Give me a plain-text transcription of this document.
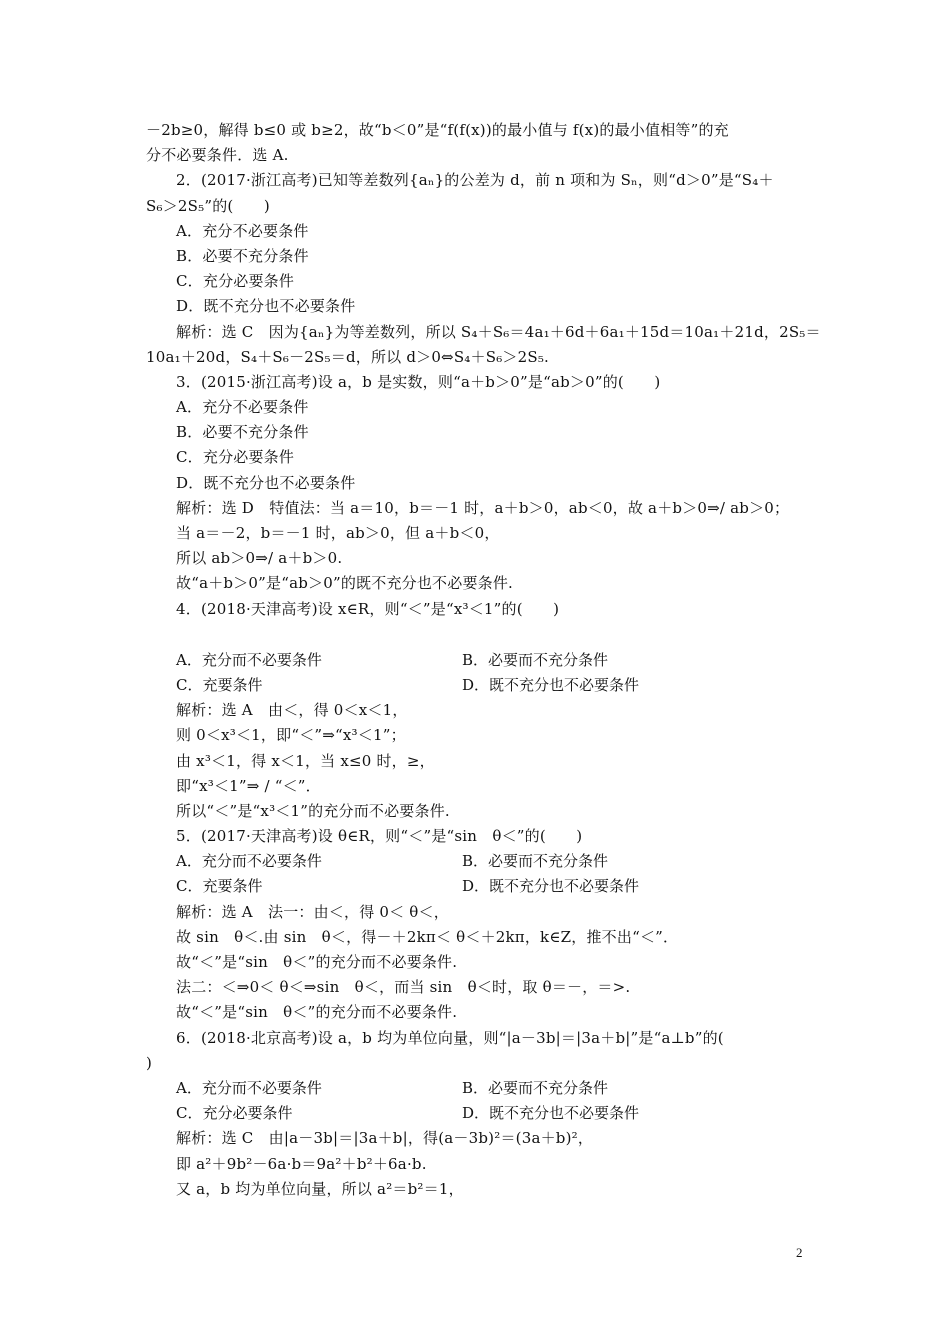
－2b≥0，解得 b≤0 或 b≥2，故“b＜0”是“f(f(x))的最小值与 f(x)的最小值相等”的充
分不必要条件．选 A.
2．(2017·浙江高考)已知等差数列{aₙ}的公差为 d，前 n 项和为 Sₙ，则“d＞0”是“S₄＋
S₆＞2S₅”的(　　)
A．充分不必要条件
B．必要不充分条件
C．充分必要条件
D．既不充分也不必要条件
解析：选 C　因为{aₙ}为等差数列，所以 S₄＋S₆＝4a₁＋6d＋6a₁＋15d＝10a₁＋21d，2S₅＝
10a₁＋20d，S₄＋S₆－2S₅＝d，所以 d＞0⇔S₄＋S₆＞2S₅.
3．(2015·浙江高考)设 a，b 是实数，则“a＋b＞0”是“ab＞0”的(　　)
A．充分不必要条件
B．必要不充分条件
C．充分必要条件
D．既不充分也不必要条件
解析：选 D　特值法：当 a＝10，b＝－1 时，a＋b＞0，ab＜0，故 a＋b＞0⇒/ ab＞0；
当 a＝－2，b＝－1 时，ab＞0，但 a＋b＜0，
所以 ab＞0⇒/ a＋b＞0.
故“a＋b＞0”是“ab＞0”的既不充分也不必要条件.
4．(2018·天津高考)设 x∈R，则“＜”是“x³＜1”的(　　)
A．充分而不必要条件	B．必要而不充分条件
C．充要条件	D．既不充分也不必要条件
解析：选 A　由＜，得 0＜x＜1，
则 0＜x³＜1，即“＜”⇒“x³＜1”；
由 x³＜1，得 x＜1，当 x≤0 时，≥，
即“x³＜1”⇒ / “＜”．
所以“＜”是“x³＜1”的充分而不必要条件.
5．(2017·天津高考)设 θ∈R，则“＜”是“sin　θ＜”的(　　)
A．充分而不必要条件	B．必要而不充分条件
C．充要条件	D．既不充分也不必要条件
解析：选 A　法一：由＜，得 0＜ θ＜，
故 sin　θ＜.由 sin　θ＜，得－＋2kπ＜ θ＜＋2kπ，k∈Z，推不出“＜”．
故“＜”是“sin　θ＜”的充分而不必要条件.
法二：＜⇒0＜ θ＜⇒sin　θ＜，而当 sin　θ＜时，取 θ＝－，＝>.
故“＜”是“sin　θ＜”的充分而不必要条件.
6．(2018·北京高考)设 a，b 均为单位向量，则“|a－3b|＝|3a＋b|”是“a⊥b”的(
)
A．充分而不必要条件	B．必要而不充分条件
C．充分必要条件	D．既不充分也不必要条件
解析：选 C　由|a－3b|＝|3a＋b|，得(a－3b)²＝(3a＋b)²，
即 a²＋9b²－6a·b＝9a²＋b²＋6a·b.
又 a，b 均为单位向量，所以 a²＝b²＝1，
2
